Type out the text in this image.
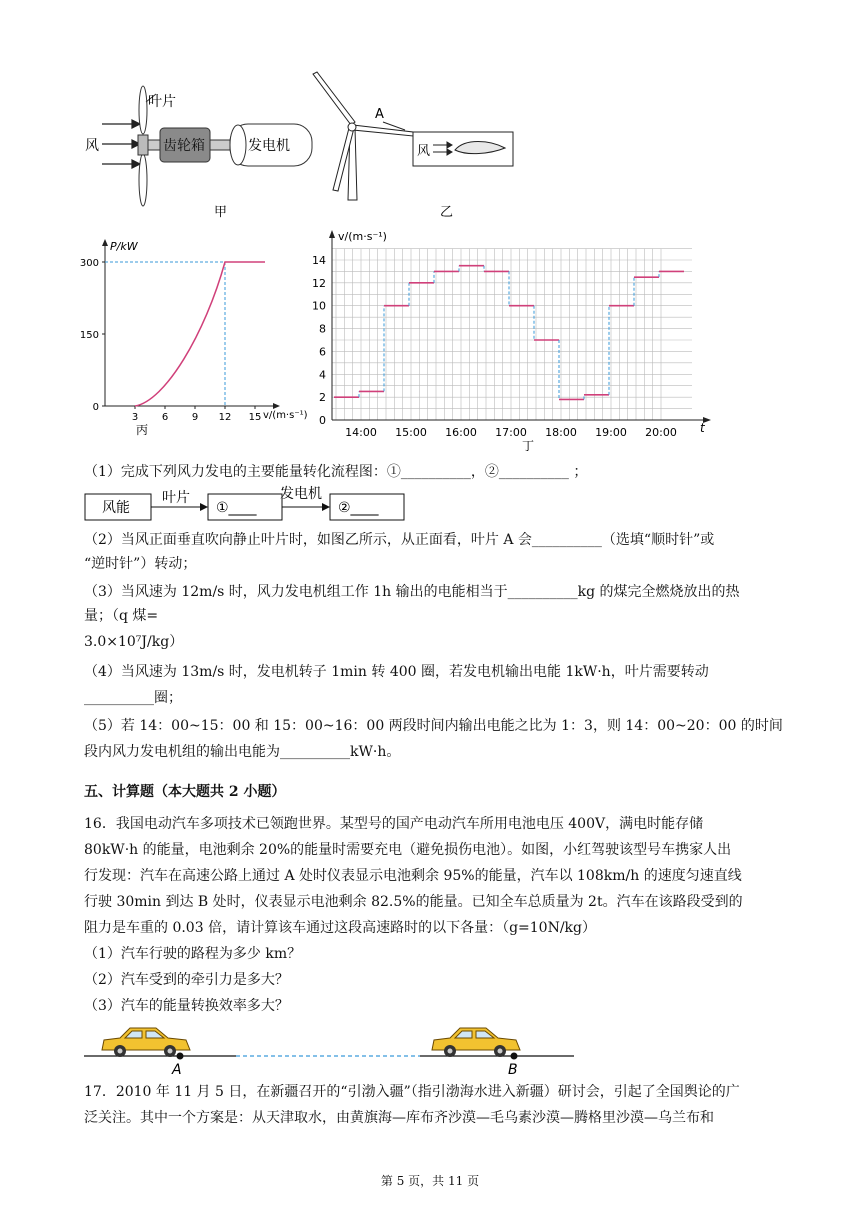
风
叶片
齿轮箱	发电机
甲
A
风
乙
P/kW
v/(m·s⁻¹)
丙
300
150
0
3 6 9 12 15
v/(m·s⁻¹)
t
丁
14
12
10
8
6
4
2
0
14:00 15:00 16:00 17:00 18:00 19:00 20:00
（1）完成下列风力发电的主要能量转化流程图：①__________，②__________ ；
风能
叶片
①____
发电机
②____
（2）当风正面垂直吹向静止叶片时，如图乙所示，从正面看，叶片 A 会__________（选填“顺时针”或
“逆时针”）转动；
（3）当风速为 12m/s 时，风力发电机组工作 1h 输出的电能相当于__________kg 的煤完全燃烧放出的热
量；（q 煤=
3.0×10⁷J/kg）
（4）当风速为 13m/s 时，发电机转子 1min 转 400 圈，若发电机输出电能 1kW·h，叶片需要转动
__________圈；
（5）若 14：00~15：00 和 15：00~16：00 两段时间内输出电能之比为 1：3，则 14：00~20：00 的时间
段内风力发电机组的输出电能为__________kW·h。
五、计算题（本大题共 2 小题）
16．我国电动汽车多项技术已领跑世界。某型号的国产电动汽车所用电池电压 400V，满电时能存储
80kW·h 的能量，电池剩余 20%的能量时需要充电（避免损伤电池）。如图，小红驾驶该型号车携家人出
行发现：汽车在高速公路上通过 A 处时仪表显示电池剩余 95%的能量，汽车以 108km/h 的速度匀速直线
行驶 30min 到达 B 处时，仪表显示电池剩余 82.5%的能量。已知全车总质量为 2t。汽车在该路段受到的
阻力是车重的 0.03 倍，请计算该车通过这段高速路时的以下各量：（g=10N/kg）
（1）汽车行驶的路程为多少 km？
（2）汽车受到的牵引力是多大？
（3）汽车的能量转换效率多大？
A	B
17．2010 年 11 月 5 日，在新疆召开的“引渤入疆”（指引渤海水进入新疆）研讨会，引起了全国舆论的广
泛关注。其中一个方案是：从天津取水，由黄旗海—库布齐沙漠—毛乌素沙漠—腾格里沙漠—乌兰布和
第 5 页，共 11 页
